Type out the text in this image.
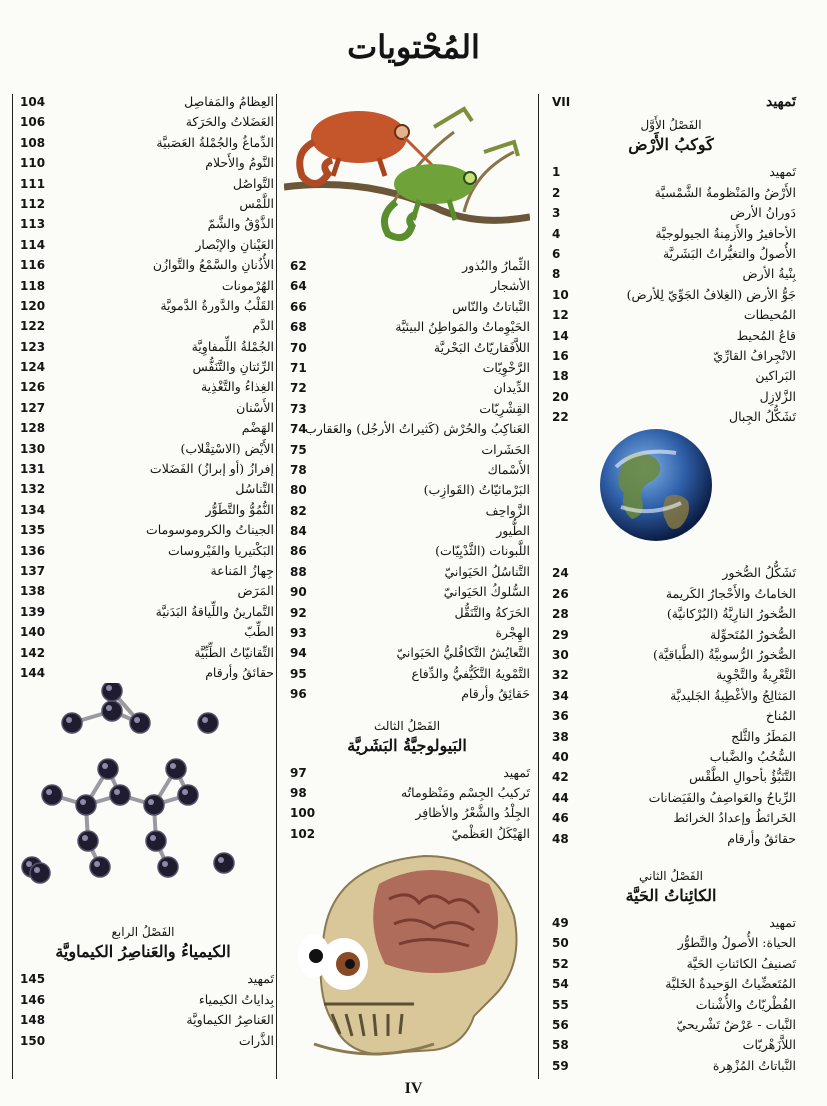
المُحْتويات
تَمهيد
VII
الفَصْلُ الأَوَّل
كَوكبُ الأَرْض
تَمهيد
1
الأَرْضُ والمَنْظومةُ الشَّمْسيَّة
2
دَورانُ الأرض
3
الأحافيرُ والأَزمِنةُ الجيولوجيَّة
4
الأُصولُ والتغيُّراتُ البَشَريَّة
6
بِنْيةُ الأرض
8
جَوُّ الأرض (الغِلافُ الجَوِّيّ لِلأرض)
10
المُحيطات
12
قاعُ المُحيط
14
الانْجِرافُ القارِّيّ
16
البَراكين
18
الزَّلازِل
20
تَشَكُّلُ الجِبال
22
تَشَكُّلُ الصُّخور
24
الخاماتُ والأَحْجارُ الكَريمة
26
الصُّخورُ النارِيَّةُ (البُرْكانيَّة)
28
الصُّخورُ المُتَحوِّلة
29
الصُّخورُ الرُّسوبيَّةُ (الطَّباقيَّة)
30
التَّعْرِيةُ والتَّجْوِية
32
المَثالِجُ والأغْطِيةُ الجَليديَّة
34
المُناخ
36
المَطَرُ والثَّلج
38
السُّحُبُ والضَّباب
40
التَّنَبُّؤُ بأحوالِ الطَّقْس
42
الرِّياحُ والعَواصِفُ والفَيَضانات
44
الخَرائطُ وإعدادُ الخرائط
46
حقائقُ وأرقام
48
الفَصْلُ الثاني
الكائِناتُ الحَيَّة
تمهيد
49
الحياة: الأُصولُ والتَّطوُّر
50
تَصنيفُ الكائناتِ الحَيَّة
52
المُتَعضِّياتُ الوَحيدةُ الخَليَّة
54
الفُطْريّاتُ والأُشْنات
55
النَّبات - عَرْضٌ تَشْريحيّ
56
اللاَّزَهْريّات
58
النَّباتاتُ المُزْهِرة
59
الثِّمارُ والبُذور
62
الأشجار
64
النَّباتاتُ والنّاس
66
الحَيْوِماتُ والمَواطِنُ البيئيَّة
68
اللاَّفَقاريّاتُ البَحْريَّة
70
الرَّخْوِيّات
71
الدِّيدان
72
القِشْرِيّات
73
العَناكِبُ والحُرْش (كَثيراتُ الأرجُل) والعَقارب
74
الحَشَرات
75
الأَسْماك
78
البَرْمائيّاتُ (القَوازِب)
80
الزَّواحِف
82
الطُّيور
84
اللَّبونات (الثَّدْيِيّات)
86
التَّناسُلُ الحَيَوانيّ
88
السُّلوكُ الحَيَوانيّ
90
الحَرَكةُ والتَّنَقُّل
92
الهِجْرة
93
التَّعايُشُ التَّكافُليُّ الحَيَوانيّ
94
التَّمْويهُ التَّكَيُّفيُّ والدِّفاع
95
حَقائِقُ وأرقام
96
الفَصْلُ الثالث
البَيولوجيَّةُ البَشَريَّة
تَمهيد
97
تَركيبُ الجِسْم ومَنْظوماتُه
98
الجِلْدُ والشَّعْرُ والأظافِر
100
الهَيْكَلُ العَظْميّ
102
العِظامُ والمَفاصِل
104
العَضَلاتُ والحَرَكة
106
الدِّماغُ والجُمْلةُ العَصَبيَّة
108
النَّومُ والأَحلام
110
التَّواصُل
111
اللَّمْس
112
الذَّوْقُ والشَّمّ
113
العَيْنانِ والإبْصار
114
الأُذُنانِ والسَّمْعُ والتَّوازُن
116
الهُرْمونات
118
القَلْبُ والدَّورةُ الدَّمويَّة
120
الدَّم
122
الجُمْلةُ اللِّمفاوِيَّة
123
الرِّئتانِ والتَّنَفُّس
124
الغِذاءُ والتَّغْذِية
126
الأَسْنان
127
الهَضْم
128
الأَيْض (الاسْتِقْلاب)
130
إفرازُ (أو إبرازُ) الفَضَلات
131
التَّناسُل
132
النُّمُوُّ والتَّطَوُّر
134
الجيناتُ والكروموسومات
135
البَكْتيريا والفَيْروسات
136
جِهازُ المَناعة
137
المَرَض
138
التَّمارينُ واللِّياقةُ البَدَنيَّة
139
الطِّبّ
140
التِّقانيّاتُ الطِّبِّيَّة
142
حقائقُ وأرقام
144
الفَصْلُ الرابع
الكيمياءُ والعَناصِرُ الكيماويَّة
تَمهيد
145
بِداياتُ الكيمياء
146
العَناصِرُ الكيماويَّة
148
الذَّرات
150
IV
